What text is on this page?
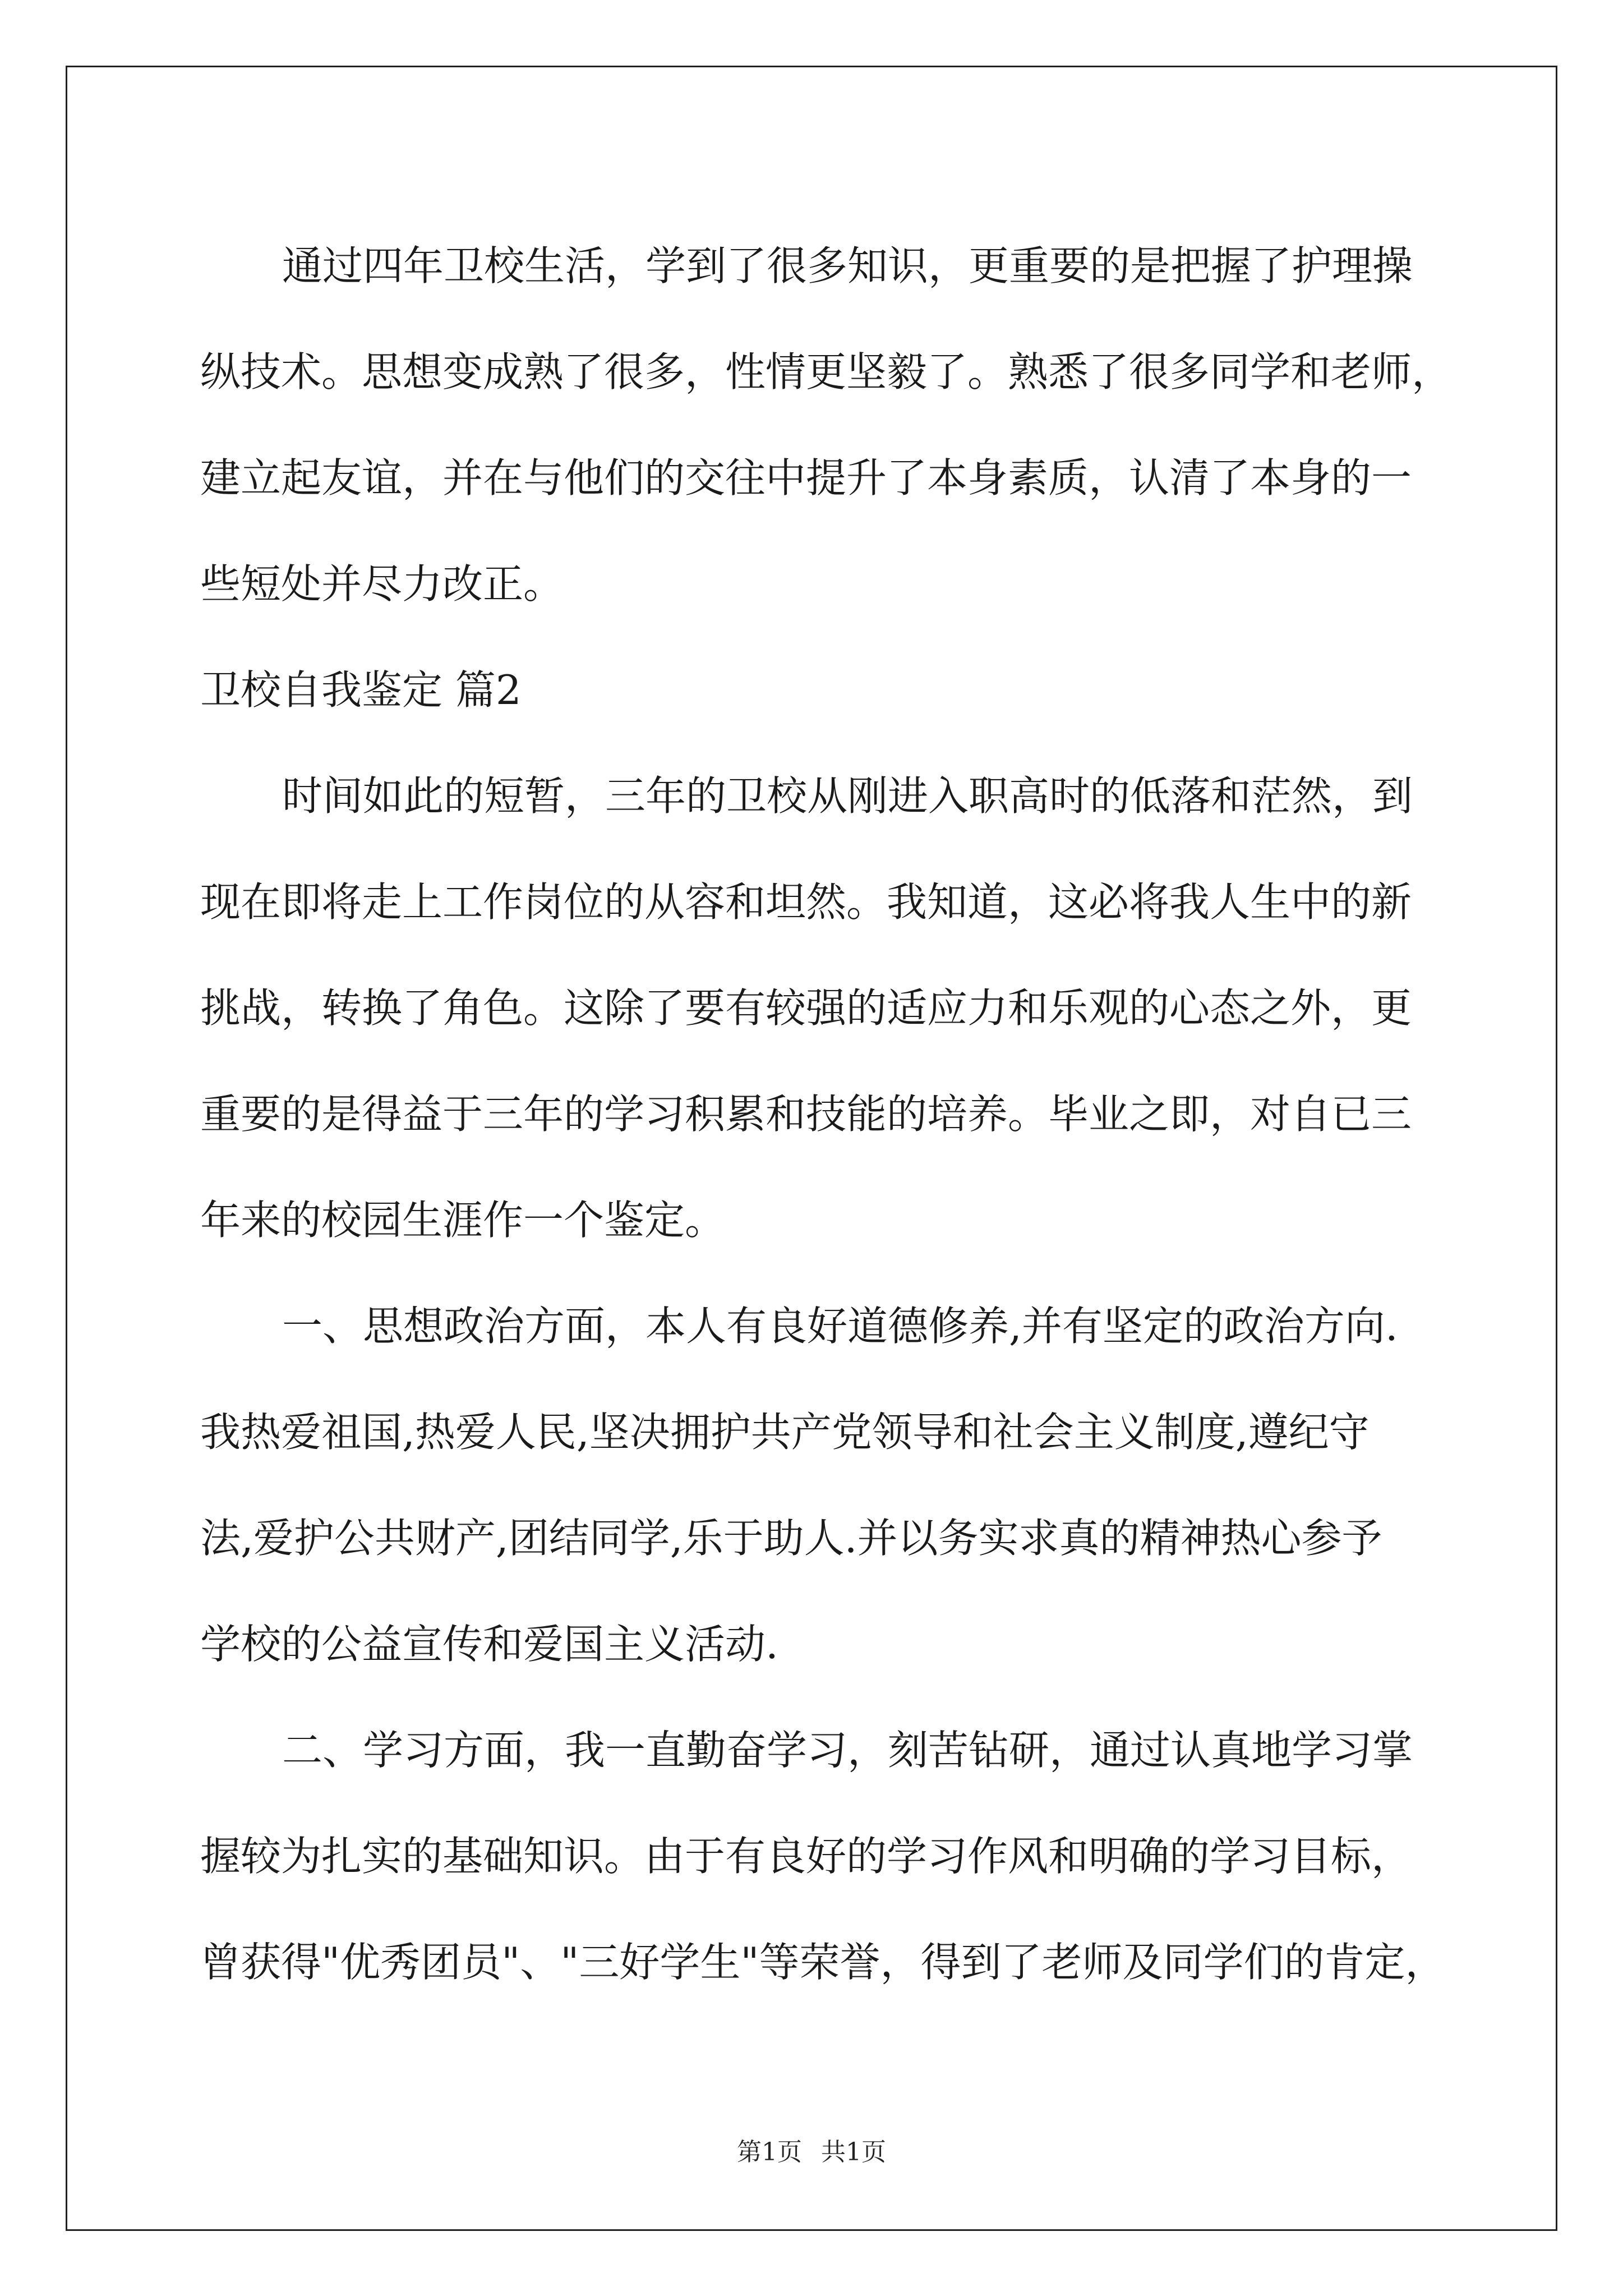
通过四年卫校生活，学到了很多知识，更重要的是把握了护理操
纵技术。思想变成熟了很多，性情更坚毅了。熟悉了很多同学和老师，
建立起友谊，并在与他们的交往中提升了本身素质，认清了本身的一
些短处并尽力改正。
卫校自我鉴定 篇2
时间如此的短暂，三年的卫校从刚进入职高时的低落和茫然，到
现在即将走上工作岗位的从容和坦然。我知道，这必将我人生中的新
挑战，转换了角色。这除了要有较强的适应力和乐观的心态之外，更
重要的是得益于三年的学习积累和技能的培养。毕业之即，对自已三
年来的校园生涯作一个鉴定。
一、思想政治方面，本人有良好道德修养,并有坚定的政治方向.
我热爱祖国,热爱人民,坚决拥护共产党领导和社会主义制度,遵纪守
法,爱护公共财产,团结同学,乐于助人.并以务实求真的精神热心参予
学校的公益宣传和爱国主义活动.
二、学习方面，我一直勤奋学习，刻苦钻研，通过认真地学习掌
握较为扎实的基础知识。由于有良好的学习作风和明确的学习目标，
曾获得"优秀团员"、"三好学生"等荣誉，得到了老师及同学们的肯定，
第1页 共1页
